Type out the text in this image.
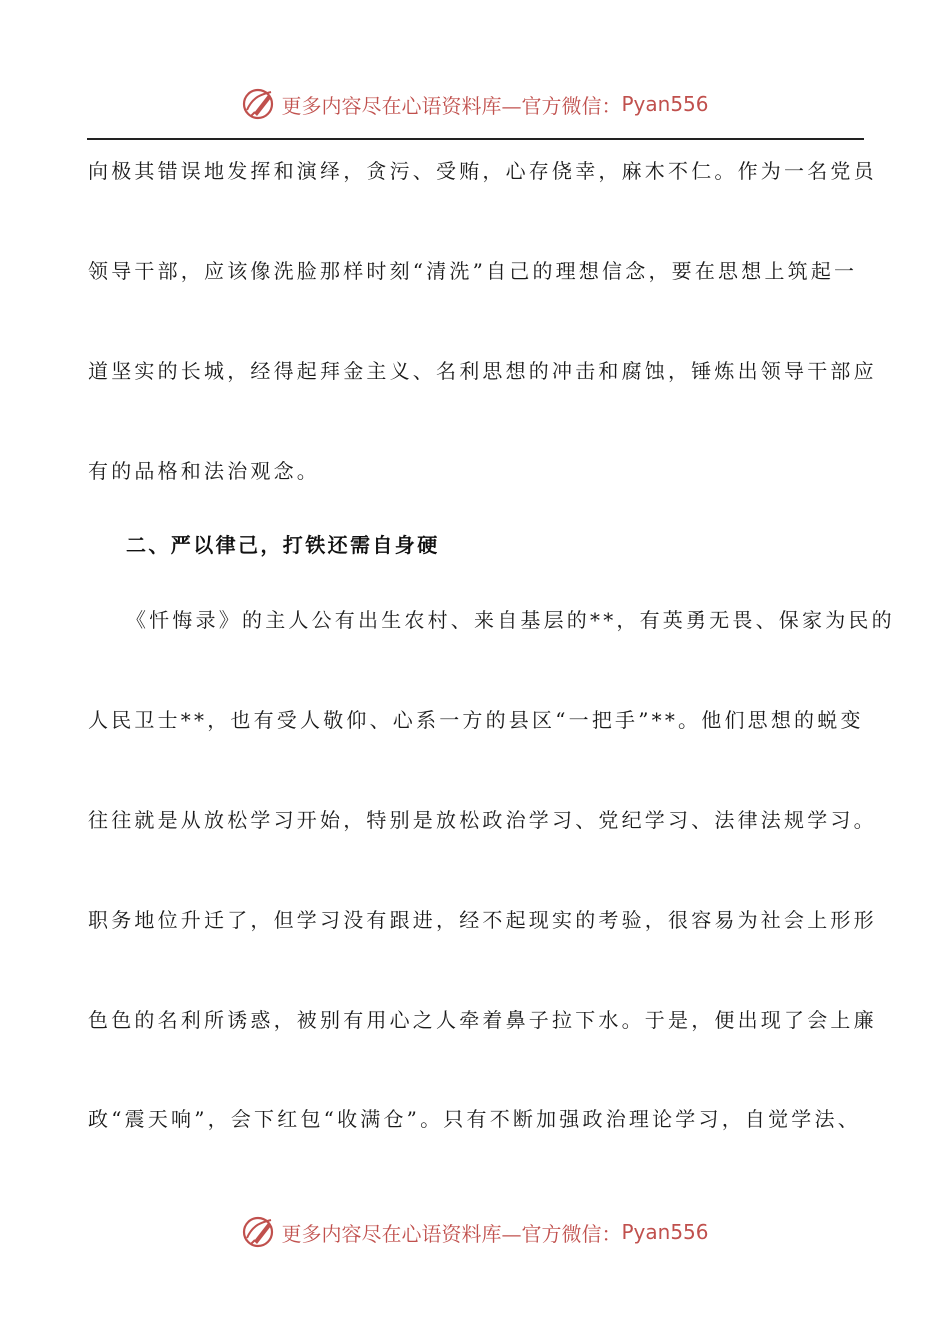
更多内容尽在心语资料库—官方微信： Pyan556
向极其错误地发挥和演绎，贪污、受贿，心存侥幸，麻木不仁。作为一名党员
领导干部，应该像洗脸那样时刻“清洗”自己的理想信念，要在思想上筑起一
道坚实的长城，经得起拜金主义、名利思想的冲击和腐蚀，锤炼出领导干部应
有的品格和法治观念。
二、严以律己，打铁还需自身硬
《忏悔录》的主人公有出生农村、来自基层的**，有英勇无畏、保家为民的
人民卫士**，也有受人敬仰、心系一方的县区“一把手”**。他们思想的蜕变
往往就是从放松学习开始，特别是放松政治学习、党纪学习、法律法规学习。
职务地位升迁了，但学习没有跟进，经不起现实的考验，很容易为社会上形形
色色的名利所诱惑，被别有用心之人牵着鼻子拉下水。于是，便出现了会上廉
政“震天响”，会下红包“收满仓”。只有不断加强政治理论学习，自觉学法、
更多内容尽在心语资料库—官方微信： Pyan556
